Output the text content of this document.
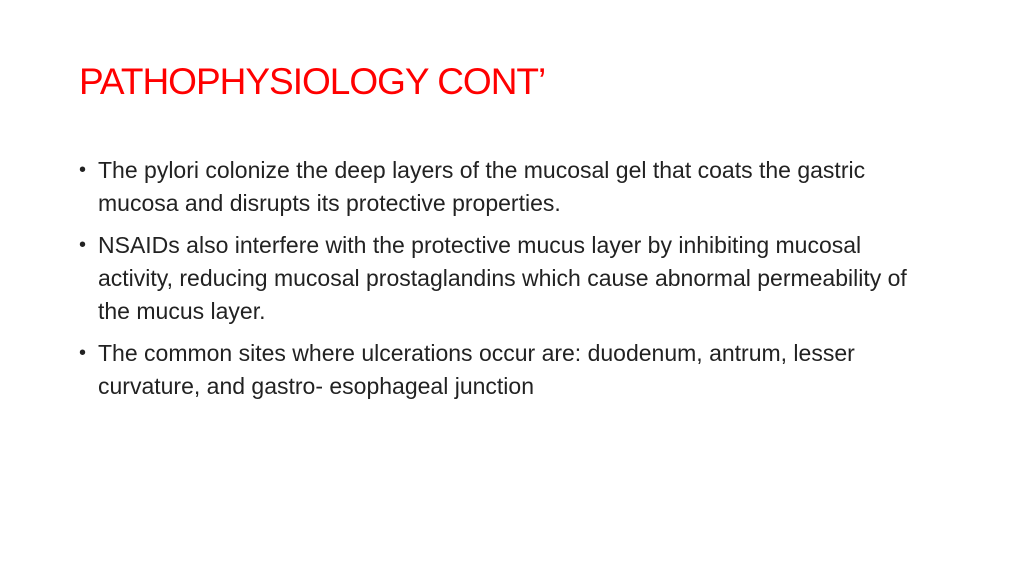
PATHOPHYSIOLOGY CONT’
• The pylori colonize the deep layers of the mucosal gel that coats the gastric mucosa and disrupts its protective properties.
• NSAIDs also interfere with the protective mucus layer by inhibiting mucosal activity, reducing mucosal prostaglandins which cause abnormal permeability of the mucus layer.
• The common sites where ulcerations occur are: duodenum, antrum, lesser curvature, and gastro- esophageal junction
